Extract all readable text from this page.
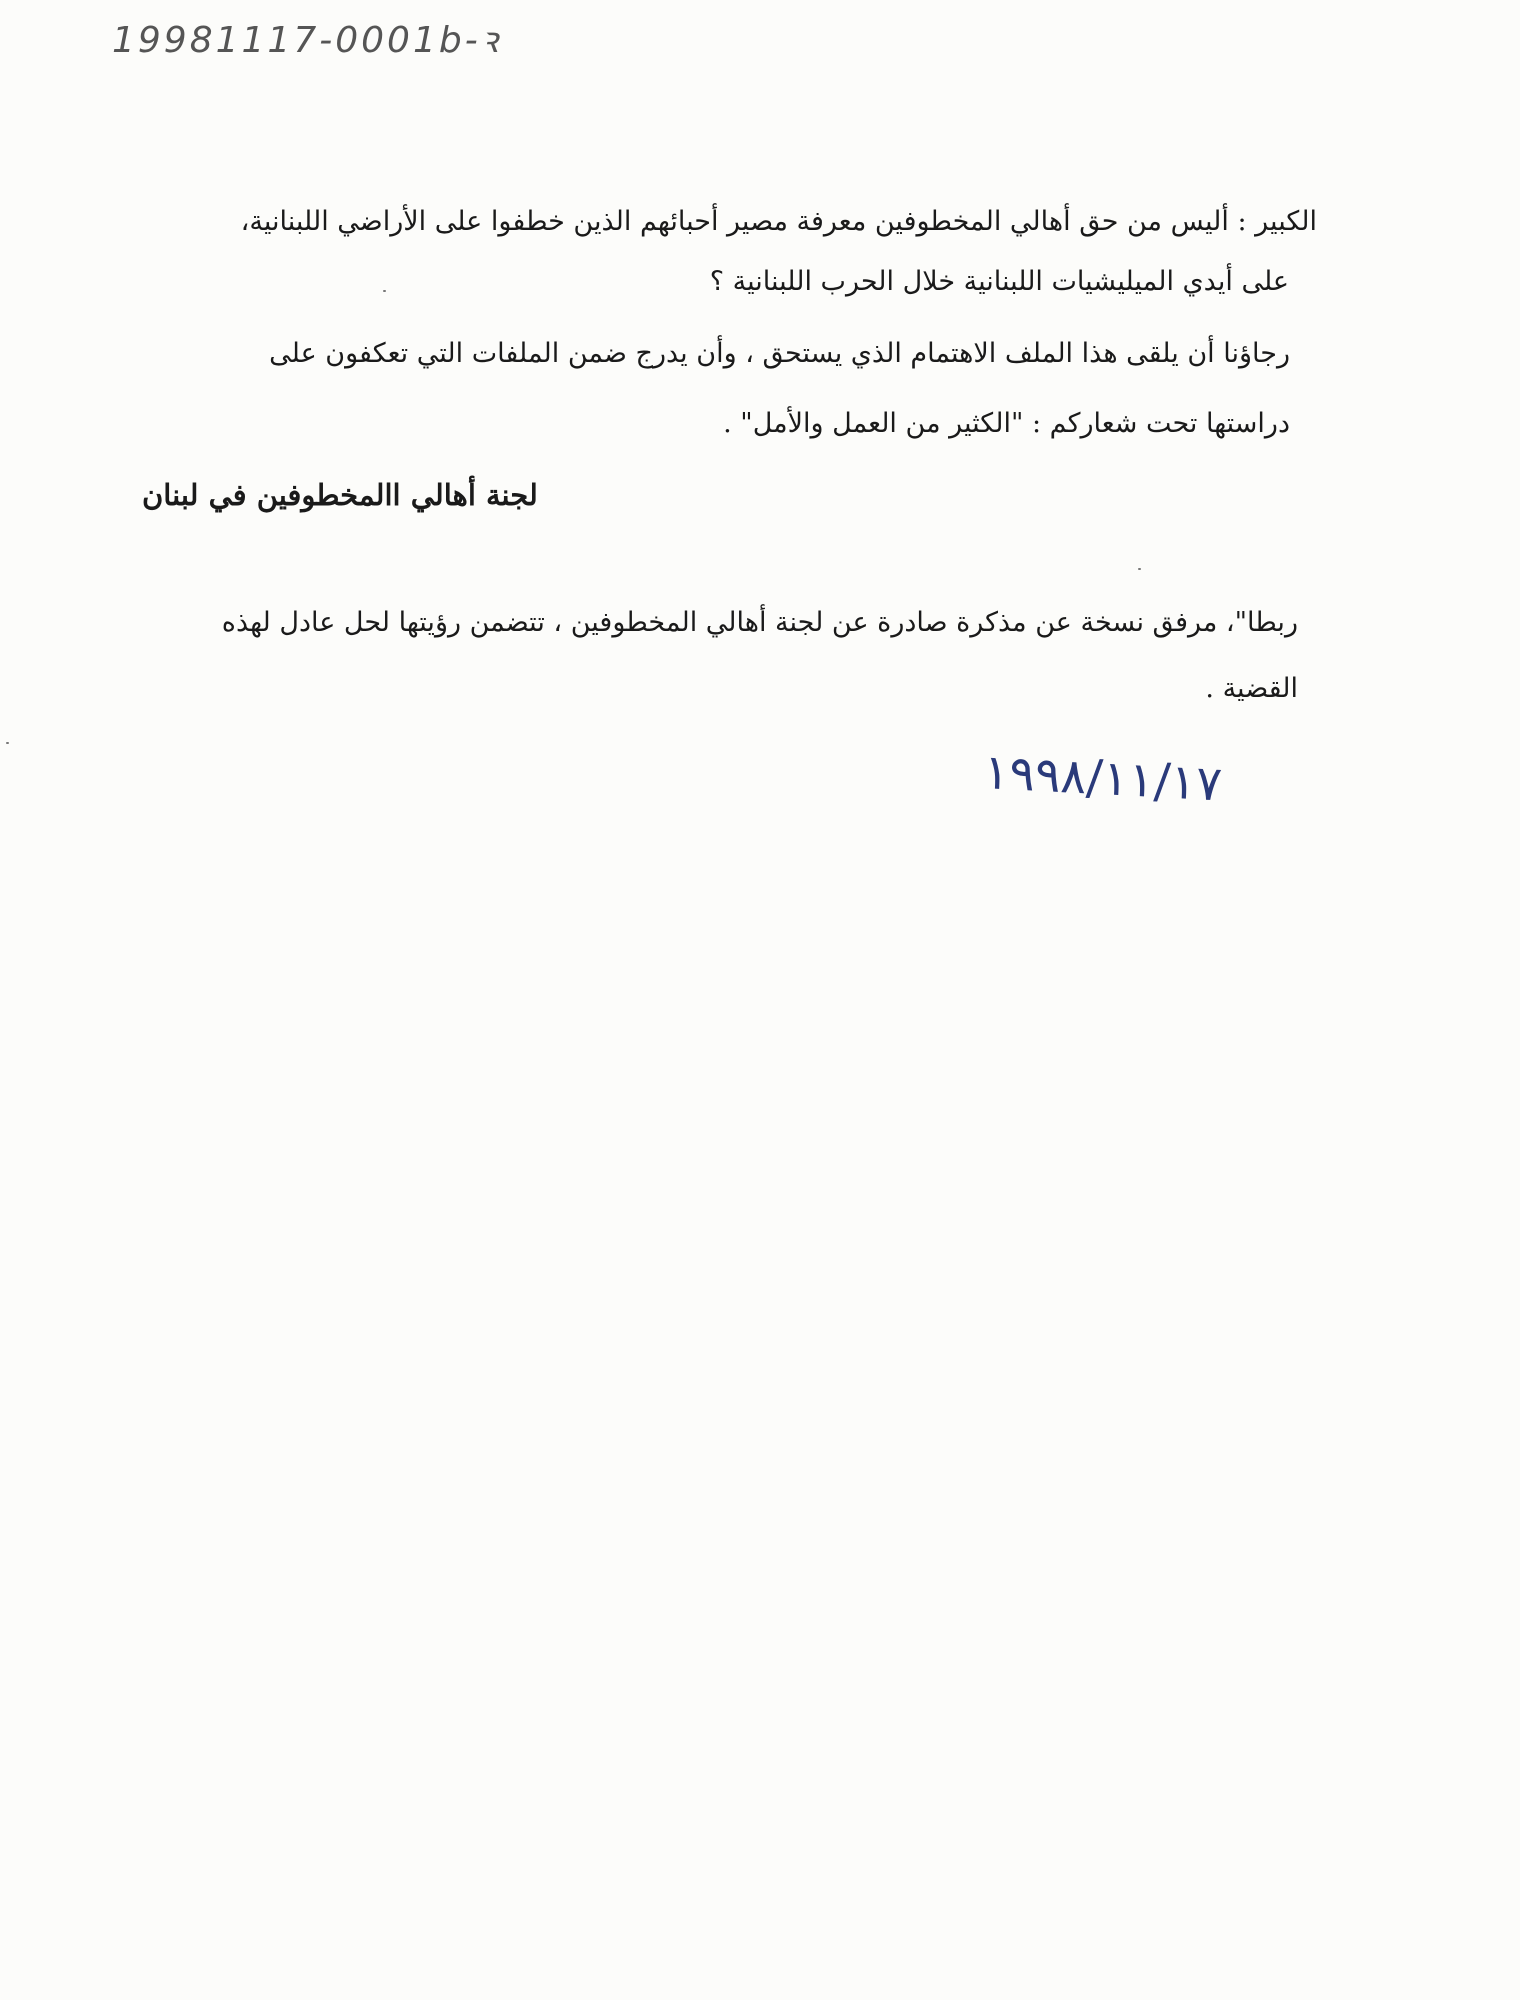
19981117-0001b-ꝛ
الكبير : أليس من حق أهالي المخطوفين معرفة مصير أحبائهم الذين خطفوا على الأراضي اللبنانية،
على أيدي الميليشيات اللبنانية خلال الحرب اللبنانية ؟
رجاؤنا أن يلقى هذا الملف الاهتمام الذي يستحق ، وأن يدرج ضمن الملفات التي تعكفون على
دراستها تحت شعاركم : "الكثير من العمل والأمل" .
لجنة أهالي االمخطوفين في لبنان
ربطا"، مرفق نسخة عن مذكرة صادرة عن لجنة أهالي المخطوفين ، تتضمن رؤيتها لحل عادل لهذه
القضية .
١٩٩٨/١١/١٧
